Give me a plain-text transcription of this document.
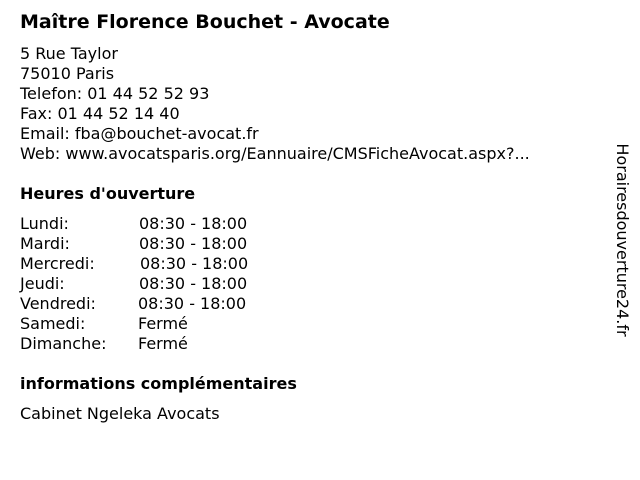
Maître Florence Bouchet - Avocate
5 Rue Taylor
75010 Paris
Telefon: 01 44 52 52 93
Fax: 01 44 52 14 40
Email: fba@bouchet-avocat.fr
Web: www.avocatsparis.org/Eannuaire/CMSFicheAvocat.aspx?...
Heures d'ouverture
Lundi:	08:30 - 18:00
Mardi:	08:30 - 18:00
Mercredi:	08:30 - 18:00
Jeudi:	08:30 - 18:00
Vendredi:	08:30 - 18:00
Samedi:	Fermé
Dimanche: Fermé
informations complémentaires
Cabinet Ngeleka Avocats
Horairesdouverture24.fr
